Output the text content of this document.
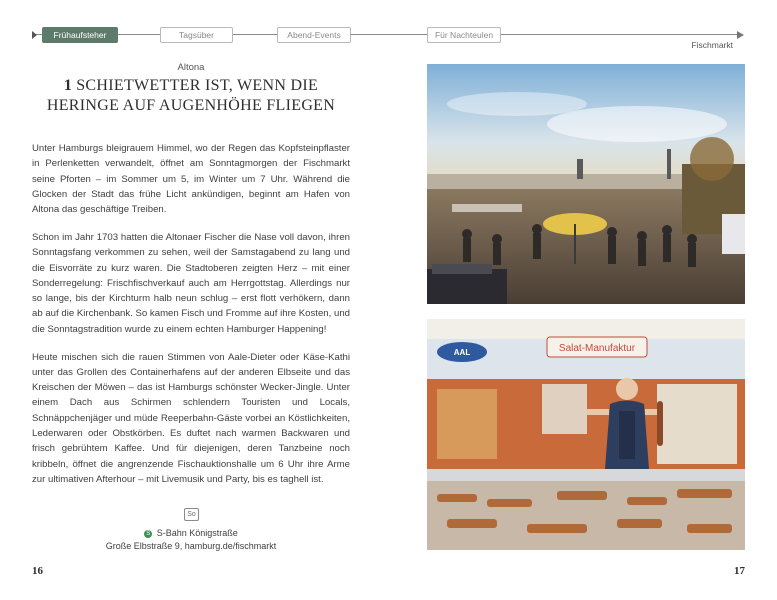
Frühaufsteher	Tagsüber	Abend-Events	Für Nachteulen
Fischmarkt
Altona
1 SCHIETWETTER IST, WENN DIE
HERINGE AUF AUGENHÖHE FLIEGEN

Unter Hamburgs bleigrauem Himmel, wo der Regen das Kopfsteinpflaster in Perlenketten verwandelt, öffnet am Sonntagmorgen der Fischmarkt seine Pforten – im Sommer um 5, im Winter um 7 Uhr. Während die Glocken der Stadt das frühe Licht ankündigen, beginnt am Hafen von Altona das geschäftige Treiben.

Schon im Jahr 1703 hatten die Altonaer Fischer die Nase voll davon, ihren Sonntagsfang verkommen zu sehen, weil der Samstagabend zu lang und die Eisvorräte zu kurz waren. Die Stadtoberen zeigten Herz – mit einer Sonderregelung: Frischfischverkauf auch am Herrgottstag. Allerdings nur so lange, bis der Kirchturm halb neun schlug – erst flott verhökern, dann ab auf die Kirchenbank. So kamen Fisch und Fromme auf ihre Kosten, und die Sonntagstradition wurde zu einem echten Hamburger Happening!

Heute mischen sich die rauen Stimmen von Aale-Dieter oder Käse-Kathi unter das Grollen des Containerhafens auf der anderen Elbseite und das Kreischen der Möwen – das ist Hamburgs schönster Wecker-Jingle. Unter einem Dach aus Schirmen schlendern Touristen und Locals, Schnäppchenjäger und müde Reeperbahn-Gäste vorbei an Köstlichkeiten, Lederwaren oder Obstkörben. Es duftet nach warmen Backwaren und frisch gebrühtem Kaffee. Und für diejenigen, deren Tanzbeine noch kribbeln, öffnet die angrenzende Fischauktionshalle um 6 Uhr ihre Arme zur ultimativen Afterhour – mit Livemusik und Party, bis es taghell ist.

So
S S-Bahn Königstraße
Große Elbstraße 9, hamburg.de/fischmarkt
16
Salat-Manufaktur
AAL
17
